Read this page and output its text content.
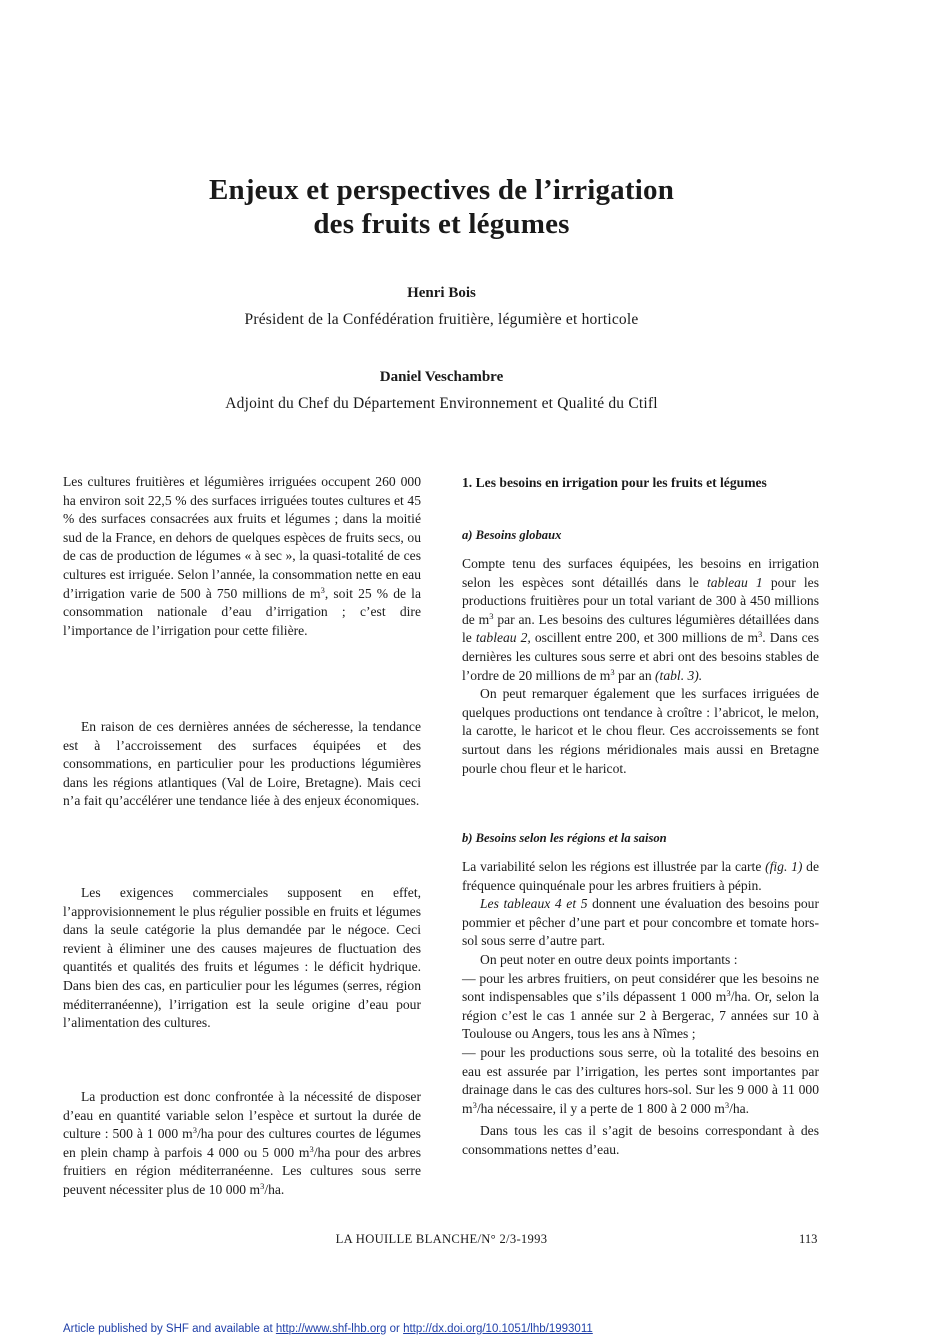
Enjeux et perspectives de l’irrigation
des fruits et légumes
Henri Bois
Président de la Confédération fruitière, légumière et horticole
Daniel Veschambre
Adjoint du Chef du Département Environnement et Qualité du Ctifl

Les cultures fruitières et légumières irriguées occupent 260 000 ha environ soit 22,5 % des surfaces irriguées toutes cultures et 45 % des surfaces consacrées aux fruits et légumes ; dans la moitié sud de la France, en dehors de quelques espèces de fruits secs, ou de cas de production de légumes « à sec », la quasi-totalité de ces cultures est irriguée. Selon l’année, la consommation nette en eau d’irrigation varie de 500 à 750 millions de $m^3$, soit 25 % de la consommation nationale d’eau d’irrigation ; c’est dire l’importance de l’irrigation pour cette filière.

En raison de ces dernières années de sécheresse, la tendance est à l’accroissement des surfaces équipées et des consommations, en particulier pour les productions légumières dans les régions atlantiques (Val de Loire, Bretagne). Mais ceci n’a fait qu’accélérer une tendance liée à des enjeux économiques.

Les exigences commerciales supposent en effet, l’approvisionnement le plus régulier possible en fruits et légumes dans la seule catégorie la plus demandée par le négoce. Ceci revient à éliminer une des causes majeures de fluctuation des quantités et qualités des fruits et légumes : le déficit hydrique. Dans bien des cas, en particulier pour les légumes (serres, région méditerranéenne), l’irrigation est la seule origine d’eau pour l’alimentation des cultures.

La production est donc confrontée à la nécessité de disposer d’eau en quantité variable selon l’espèce et surtout la durée de culture : 500 à 1 000 $m^3/ha$ pour des cultures courtes de légumes en plein champ à parfois 4 000 ou 5 000 $m^3/ha$ pour des arbres fruitiers en région méditerranéenne. Les cultures sous serre peuvent nécessiter plus de 10 000 $m^3/ha$.

1. Les besoins en irrigation pour les fruits et légumes
a) Besoins globaux

Compte tenu des surfaces équipées, les besoins en irrigation selon les espèces sont détaillés dans le tableau 1 pour les productions fruitières pour un total variant de 300 à 450 millions de $m^3$ par an. Les besoins des cultures légumières détaillées dans le tableau 2, oscillent entre 200, et 300 millions de $m^3$. Dans ces dernières les cultures sous serre et abri ont des besoins stables de l’ordre de 20 millions de $m^3$ par an (tabl. 3).

On peut remarquer également que les surfaces irriguées de quelques productions ont tendance à croître : l’abricot, le melon, la carotte, le haricot et le chou fleur. Ces accroissements se font surtout dans les régions méridionales mais aussi en Bretagne pourle chou fleur et le haricot.

b) Besoins selon les régions et la saison

La variabilité selon les régions est illustrée par la carte (fig. 1) de fréquence quinquénale pour les arbres fruitiers à pépin.

Les tableaux 4 et 5 donnent une évaluation des besoins pour pommier et pêcher d’une part et pour concombre et tomate hors-sol sous serre d’autre part.

On peut noter en outre deux points importants :

— pour les arbres fruitiers, on peut considérer que les besoins ne sont indispensables que s’ils dépassent 1 000 $m^3/ha$. Or, selon la région c’est le cas 1 année sur 2 à Bergerac, 7 années sur 10 à Toulouse ou Angers, tous les ans à Nîmes ;

— pour les productions sous serre, où la totalité des besoins en eau est assurée par l’irrigation, les pertes sont importantes par drainage dans le cas des cultures hors-sol. Sur les 9 000 à 11 000 $m^3/ha$ nécessaire, il y a perte de 1 800 à 2 000 $m^3/ha$.

Dans tous les cas il s’agit de besoins correspondant à des consommations nettes d’eau.

LA HOUILLE BLANCHE/N° 2/3-1993	113
Article published by SHF and available at http://www.shf-lhb.org or http://dx.doi.org/10.1051/lhb/1993011
